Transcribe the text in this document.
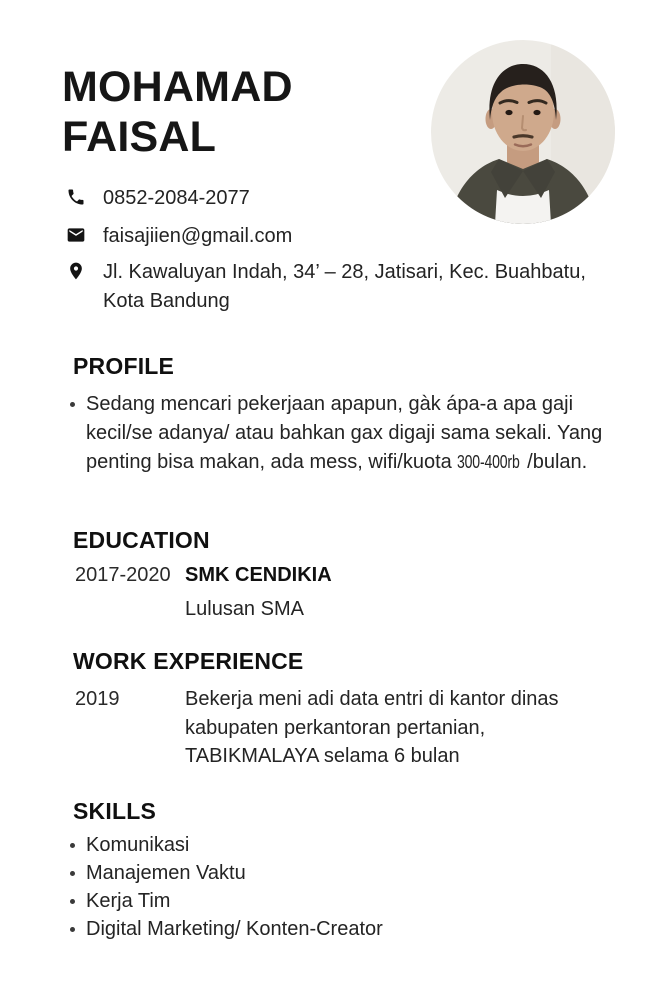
MOHAMAD
FAISAL
0852-2084-2077
faisajiien@gmail.com
Jl. Kawaluyan Indah, 34’ – 28, Jatisari, Kec. Buahbatu, Kota Bandung
PROFILE
Sedang mencari pekerjaan apapun, gàk ápa-a apa gaji kecil/se adanya/ atau bahkan gax digaji sama sekali. Yang penting bisa makan, ada mess, wifi/kuota 300-400rb /bulan.
EDUCATION
2017-2020 SMK CENDIKIA
Lulusan SMA
WORK EXPERIENCE
2019	Bekerja meni adi data entri di kantor dinas kabupaten perkantoran pertanian, TABIKMALAYA selama 6 bulan
SKILLS
Komunikasi
Manajemen Vaktu
Kerja Tim
Digital Marketing/ Konten-Creator
